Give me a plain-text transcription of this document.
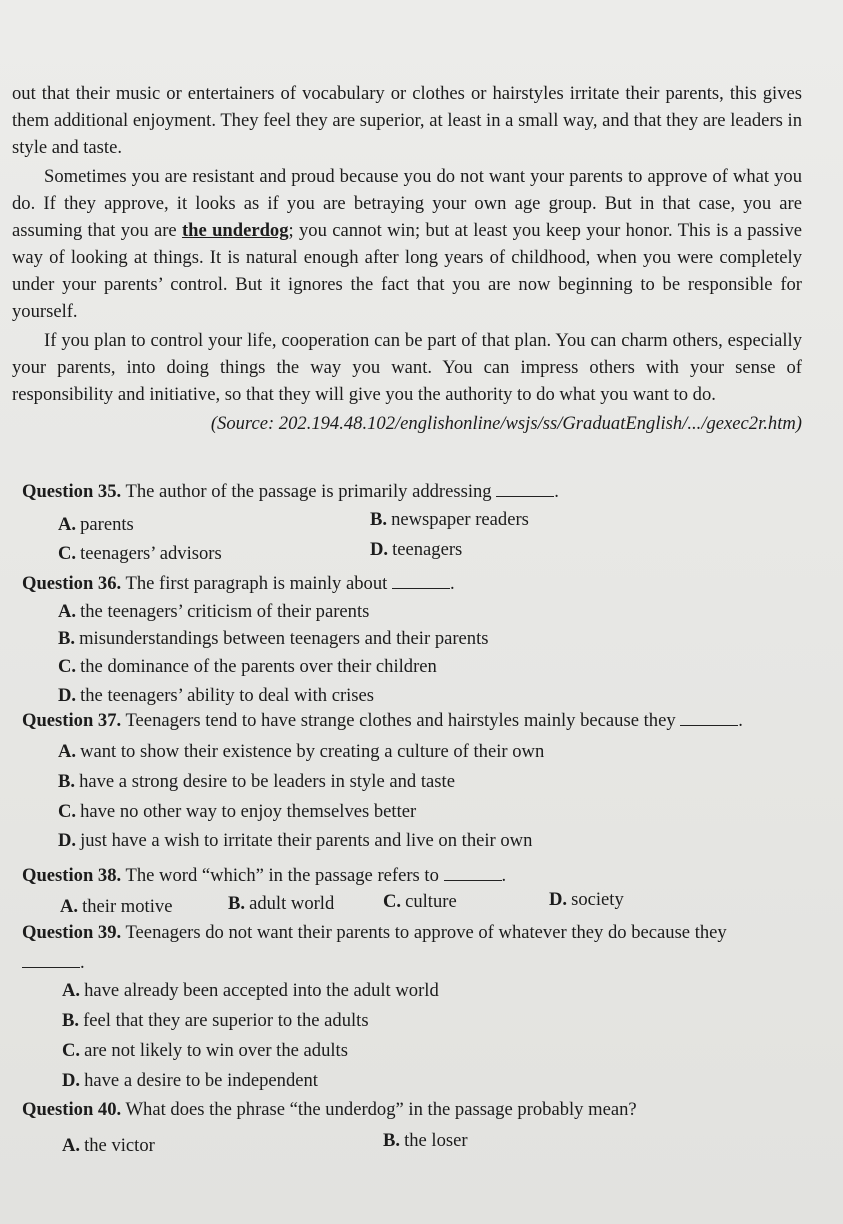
out that their music or entertainers of vocabulary or clothes or hairstyles irritate their parents, this gives them additional enjoyment. They feel they are superior, at least in a small way, and that they are leaders in style and taste.

Sometimes you are resistant and proud because you do not want your parents to approve of what you do. If they approve, it looks as if you are betraying your own age group. But in that case, you are assuming that you are the underdog; you cannot win; but at least you keep your honor. This is a passive way of looking at things. It is natural enough after long years of childhood, when you were completely under your parents’ control. But it ignores the fact that you are now beginning to be responsible for yourself.

If you plan to control your life, cooperation can be part of that plan. You can charm others, especially your parents, into doing things the way you want. You can impress others with your sense of responsibility and initiative, so that they will give you the authority to do what you want to do.

(Source: 202.194.48.102/englishonline/wsjs/ss/GraduatEnglish/.../gexec2r.htm)

Question 35. The author of the passage is primarily addressing	.

A. parents	B. newspaper readers
C. teenagers’ advisors	D. teenagers

Question 36. The first paragraph is mainly about	.

A. the teenagers’ criticism of their parents
B. misunderstandings between teenagers and their parents
C. the dominance of the parents over their children
D. the teenagers’ ability to deal with crises

Question 37. Teenagers tend to have strange clothes and hairstyles mainly because they	.

A. want to show their existence by creating a culture of their own
B. have a strong desire to be leaders in style and taste
C. have no other way to enjoy themselves better
D. just have a wish to irritate their parents and live on their own

Question 38. The word “which” in the passage refers to	.

A. their motive	B. adult world	C. culture	D. society

Question 39. Teenagers do not want their parents to approve of whatever they do because they
.

A. have already been accepted into the adult world
B. feel that they are superior to the adults
C. are not likely to win over the adults
D. have a desire to be independent

Question 40. What does the phrase “the underdog” in the passage probably mean?

A. the victor	B. the loser
